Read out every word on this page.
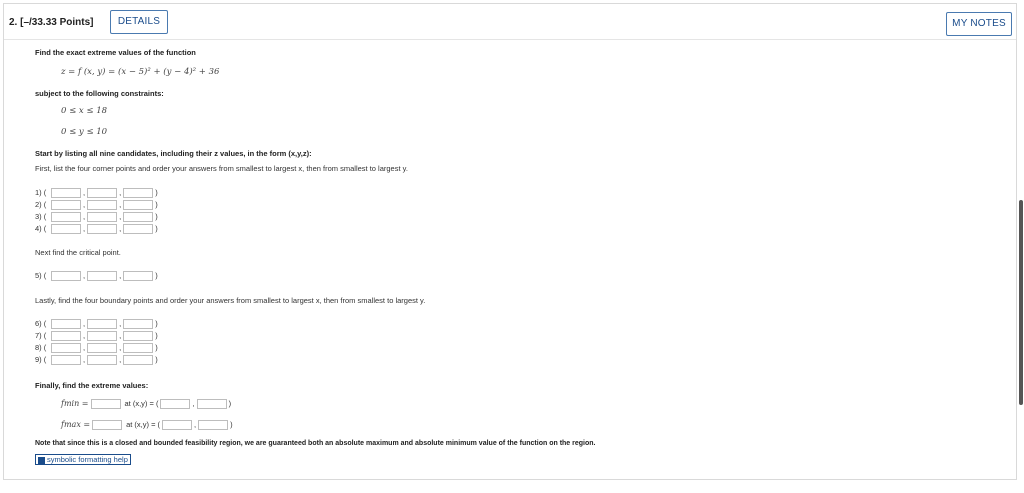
2. [–/33.33 Points]	DETAILS	MY NOTES
Find the exact extreme values of the function
z = f (x, y) = (x − 5)² + (y − 4)² + 36
subject to the following constraints:
0 ≤ x ≤ 18
0 ≤ y ≤ 10
Start by listing all nine candidates, including their z values, in the form (x,y,z):
First, list the four corner points and order your answers from smallest to largest x, then from smallest to largest y.
1) (	,	,	)
2) (	,	,	)
3) (	,	,	)
4) (	,	,	)
Next find the critical point.
5) (	,	,	)
Lastly, find the four boundary points and order your answers from smallest to largest x, then from smallest to largest y.
6) (	,	,	)
7) (	,	,	)
8) (	,	,	)
9) (	,	,	)
Finally, find the extreme values:
fmin =	at (x,y) = (	,	)
fmax =	at (x,y) = (	,	)
Note that since this is a closed and bounded feasibility region, we are guaranteed both an absolute maximum and absolute minimum value of the function on the region.
symbolic formatting help
